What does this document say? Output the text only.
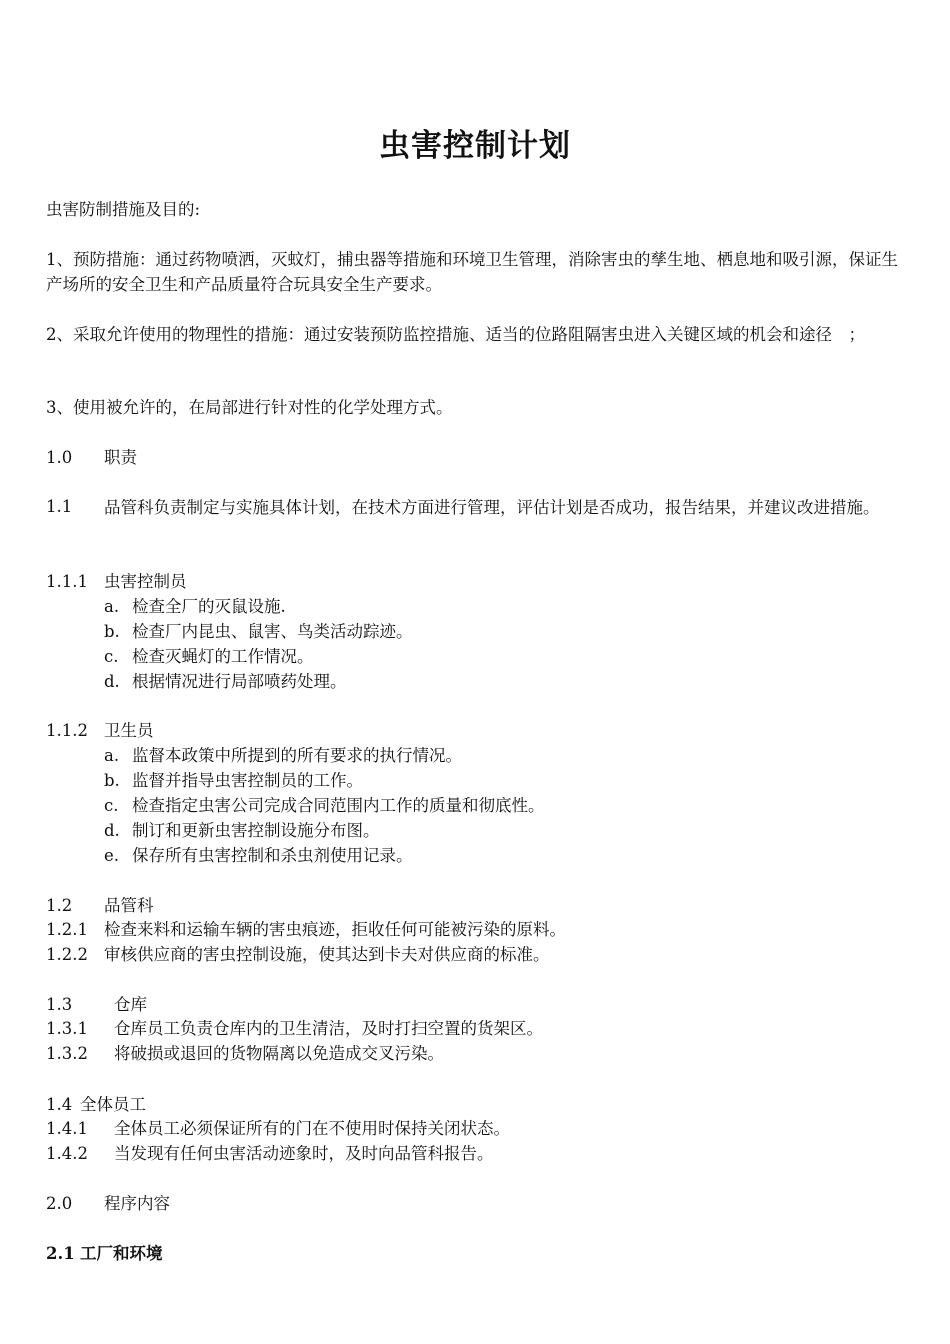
虫害控制计划
虫害防制措施及目的:
1、预防措施：通过药物喷洒，灭蚊灯，捕虫器等措施和环境卫生管理，消除害虫的孳生地、栖息地和吸引源，保证生产场所的安全卫生和产品质量符合玩具安全生产要求。
2、采取允许使用的物理性的措施：通过安装预防监控措施、适当的位路阻隔害虫进入关键区域的机会和途径　；
3、使用被允许的，在局部进行针对性的化学处理方式。
1.0 职责
1.1 品管科负责制定与实施具体计划，在技术方面进行管理，评估计划是否成功，报告结果，并建议改进措施。
1.1.1 虫害控制员
a. 检查全厂的灭鼠设施.
b. 检查厂内昆虫、鼠害、鸟类活动踪迹。
c. 检查灭蝇灯的工作情况。
d. 根据情况进行局部喷药处理。
1.1.2 卫生员
a. 监督本政策中所提到的所有要求的执行情况。
b. 监督并指导虫害控制员的工作。
c. 检查指定虫害公司完成合同范围内工作的质量和彻底性。
d. 制订和更新虫害控制设施分布图。
e. 保存所有虫害控制和杀虫剂使用记录。
1.2 品管科
1.2.1 检查来料和运输车辆的害虫痕迹，拒收任何可能被污染的原料。
1.2.2 审核供应商的害虫控制设施，使其达到卡夫对供应商的标准。
1.3	仓库
1.3.1 仓库员工负责仓库内的卫生清洁，及时打扫空置的货架区。
1.3.2 将破损或退回的货物隔离以免造成交叉污染。
1.4 全体员工
1.4.1 全体员工必须保证所有的门在不使用时保持关闭状态。
1.4.2 当发现有任何虫害活动迹象时，及时向品管科报告。
2.0 程序内容
2.1 工厂和环境
